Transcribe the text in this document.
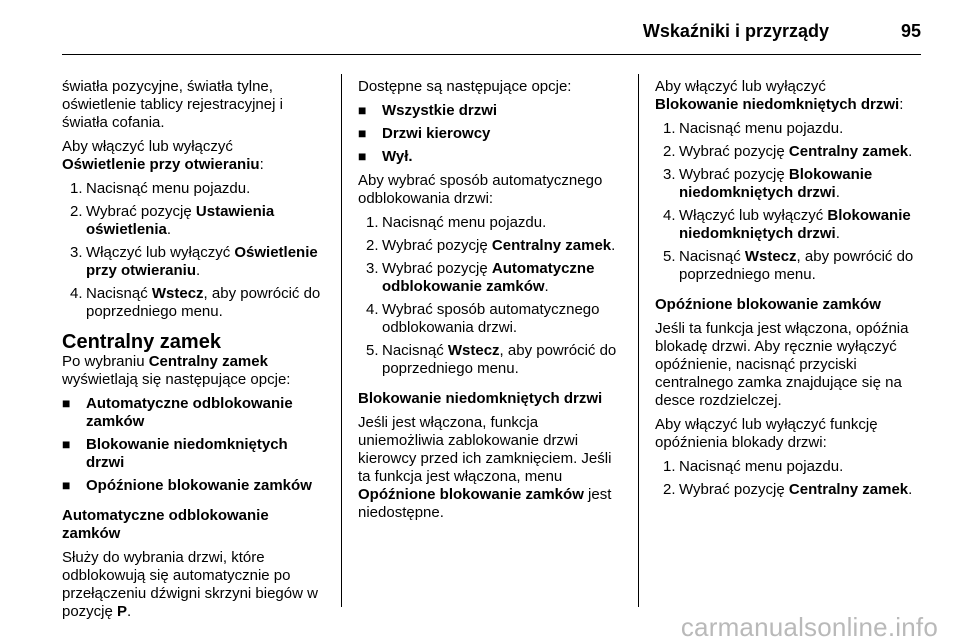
Wskaźniki i przyrządy	95

światła pozycyjne, światła tylne, oświetlenie tablicy rejestracyjnej i światła cofania.

Aby włączyć lub wyłączyć
Oświetlenie przy otwieraniu:

1. Nacisnąć menu pojazdu.
2. Wybrać pozycję Ustawienia oświetlenia.
3. Włączyć lub wyłączyć Oświetlenie przy otwieraniu.
4. Nacisnąć Wstecz, aby powrócić do poprzedniego menu.
Centralny zamek

Po wybraniu Centralny zamek wyświetlają się następujące opcje:

■ Automatyczne odblokowanie zamków
■ Blokowanie niedomkniętych drzwi
■ Opóźnione blokowanie zamków

Automatyczne odblokowanie zamków

Służy do wybrania drzwi, które odblokowują się automatycznie po przełączeniu dźwigni skrzyni biegów w pozycję P.

Dostępne są następujące opcje:

■ Wszystkie drzwi
■ Drzwi kierowcy
■ Wył.

Aby wybrać sposób automatycznego odblokowania drzwi:

1. Nacisnąć menu pojazdu.
2. Wybrać pozycję Centralny zamek.
3. Wybrać pozycję Automatyczne odblokowanie zamków.
4. Wybrać sposób automatycznego odblokowania drzwi.
5. Nacisnąć Wstecz, aby powrócić do poprzedniego menu.

Blokowanie niedomkniętych drzwi

Jeśli jest włączona, funkcja uniemożliwia zablokowanie drzwi kierowcy przed ich zamknięciem. Jeśli ta funkcja jest włączona, menu Opóźnione blokowanie zamków jest niedostępne.

Aby włączyć lub wyłączyć
Blokowanie niedomkniętych drzwi:

1. Nacisnąć menu pojazdu.
2. Wybrać pozycję Centralny zamek.
3. Wybrać pozycję Blokowanie niedomkniętych drzwi.
4. Włączyć lub wyłączyć Blokowanie niedomkniętych drzwi.
5. Nacisnąć Wstecz, aby powrócić do poprzedniego menu.

Opóźnione blokowanie zamków

Jeśli ta funkcja jest włączona, opóźnia blokadę drzwi. Aby ręcznie wyłączyć opóźnienie, nacisnąć przyciski centralnego zamka znajdujące się na desce rozdzielczej.

Aby włączyć lub wyłączyć funkcję opóźnienia blokady drzwi:

1. Nacisnąć menu pojazdu.
2. Wybrać pozycję Centralny zamek.
carmanualsonline.info
